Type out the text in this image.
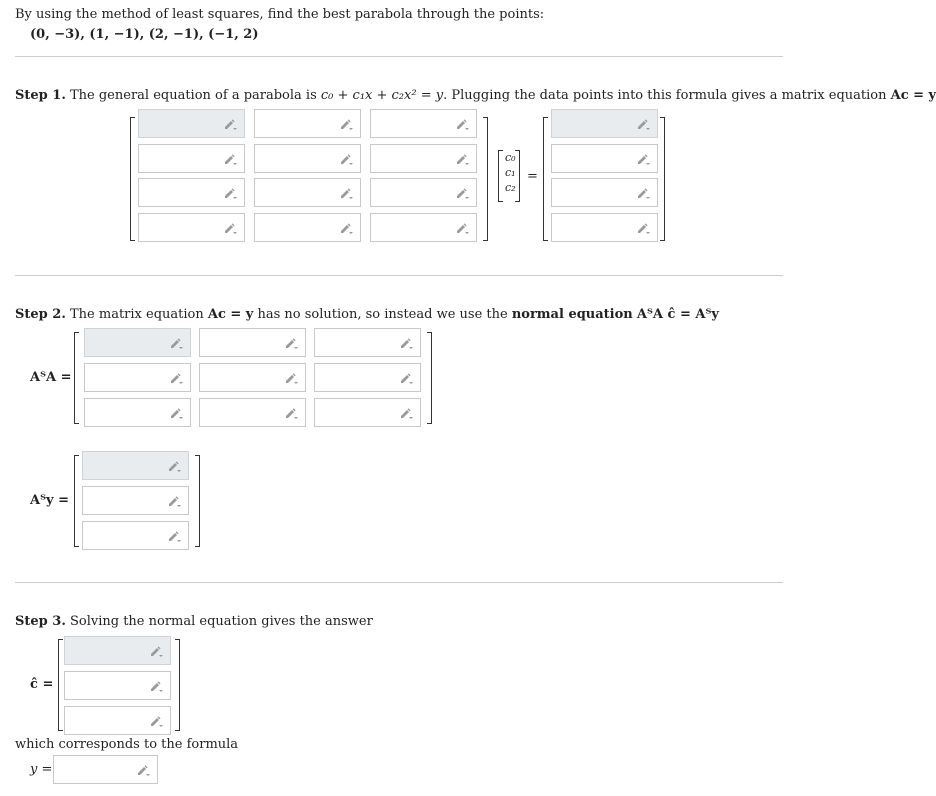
By using the method of least squares, find the best parabola through the points:
(0, −3), (1, −1), (2, −1), (−1, 2)
Step 1. The general equation of a parabola is c₀ + c₁x + c₂x² = y. Plugging the data points into this formula gives a matrix equation Ac = y
c₀
c₁
c₂
=
Step 2. The matrix equation Ac = y has no solution, so instead we use the normal equation AᵀA ĉ = Aᵀy
AᵀA =
Aᵀy =
Step 3. Solving the normal equation gives the answer
ĉ =
which corresponds to the formula
y =
